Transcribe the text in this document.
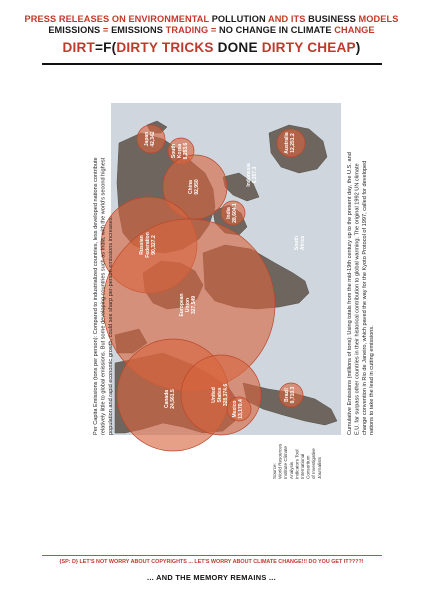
PRESS RELEASES ON ENVIRONMENTAL POLLUTION AND ITS BUSINESS MODELS
EMISSIONS = EMISSIONS TRADING = NO CHANGE IN CLIMATE CHANGE
DIRT=F(DIRTY TRICKS DONE DIRTY CHEAP)
Japan42,342
SouthKorea8,253.6
China92,950
Australia12,251.2
RussianFederation90,327.2
India28,604.1
Indonesia6,257.3
EuropeanUnion327,549
SouthAfrica
Canada24,561.5	UnitedStates328,374.6
Mexico13,170.4
Brazil9,710.3
Per Capita Emissions (tons per person): Compared to industrialized countries, less developed nations contributerelatively little to global emissions. But some developing countries such as India, with the world's second highestpopulation and rapid economic growth, could see sharp per-person emissions increases.	Cumulative Emissions (millions of tons): Using totals from the mid-19th century up to the present day, the U.S. andE.U. far surpass other countries in their historical contribution to global warming. The original 1992 UN climatechange convention in Rio de Janeiro, which paved the way for the Kyoto Protocol of 1997, called for developednations to take the lead in cutting emissions.
Source:World ResourcesInstitute ClimateAnalysisIndicators ToolInternationalConsortiumof InvestigativeJournalists
{SP: D} LET'S NOT WORRY ABOUT COPYRIGHTS ... LET'S WORRY ABOUT CLIMATE CHANGE!!! DO YOU GET IT????!
... AND THE MEMORY REMAINS ...
